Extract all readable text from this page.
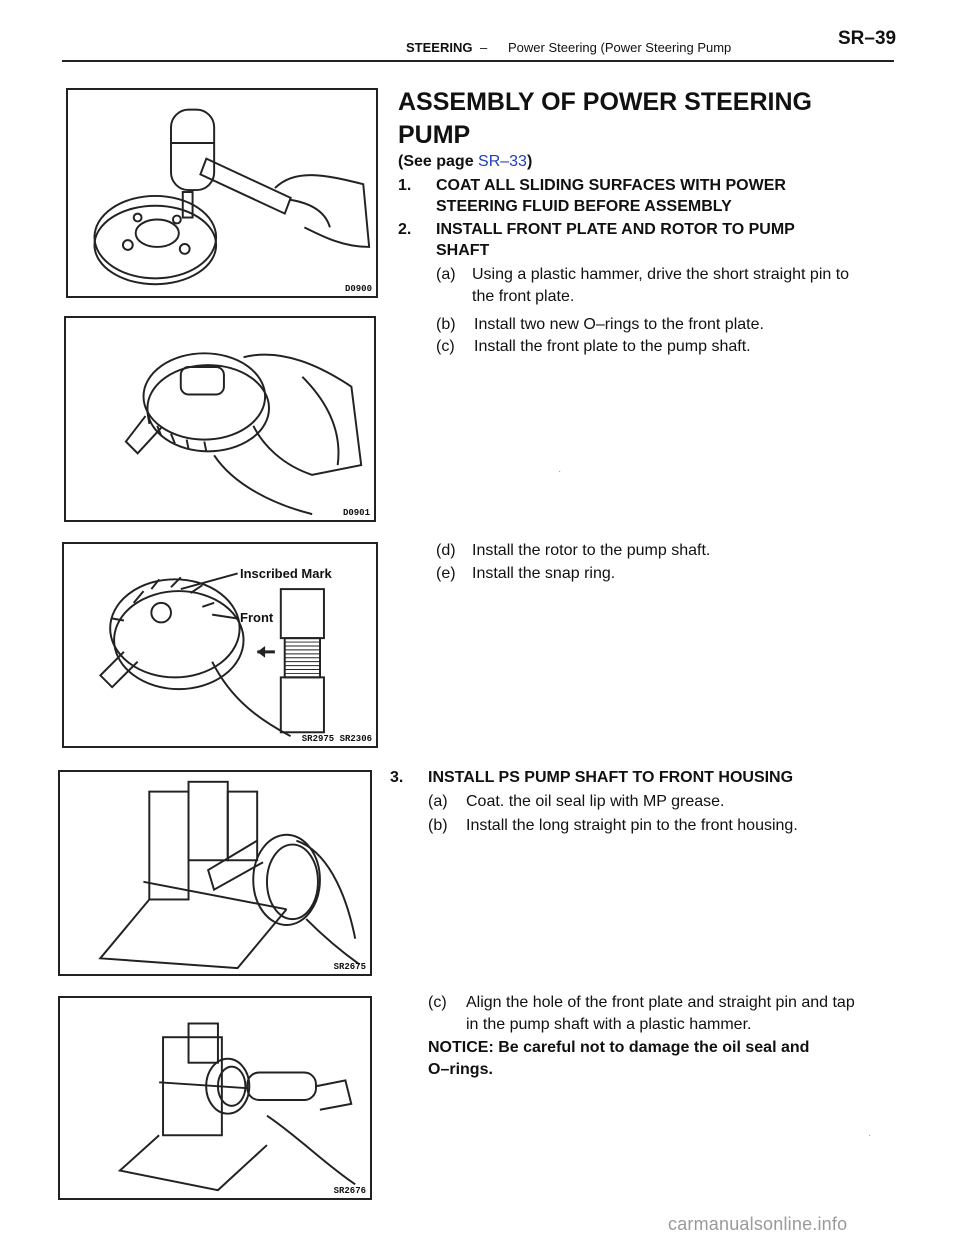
STEERING – Power Steering (Power Steering Pump	SR–39
D0900
D0901
Inscribed Mark
Front
SR2975 SR2306
SR2675
SR2676
ASSEMBLY OF POWER STEERING
PUMP
(See page SR–33)
1. COAT ALL SLIDING SURFACES WITH POWER
STEERING FLUID BEFORE ASSEMBLY
2. INSTALL FRONT PLATE AND ROTOR TO PUMP
SHAFT
(a) Using a plastic hammer, drive the short straight pin to
the front plate.
(b) Install two new O–rings to the front plate.
(c) Install the front plate to the pump shaft.
(d) Install the rotor to the pump shaft.
(e) Install the snap ring.
3. INSTALL PS PUMP SHAFT TO FRONT HOUSING
(a) Coat. the oil seal lip with MP grease.
(b) Install the long straight pin to the front housing.
(c) Align the hole of the front plate and straight pin and tap
in the pump shaft with a plastic hammer.
NOTICE: Be careful not to damage the oil seal and
O–rings.
·
·
carmanualsonline.info
